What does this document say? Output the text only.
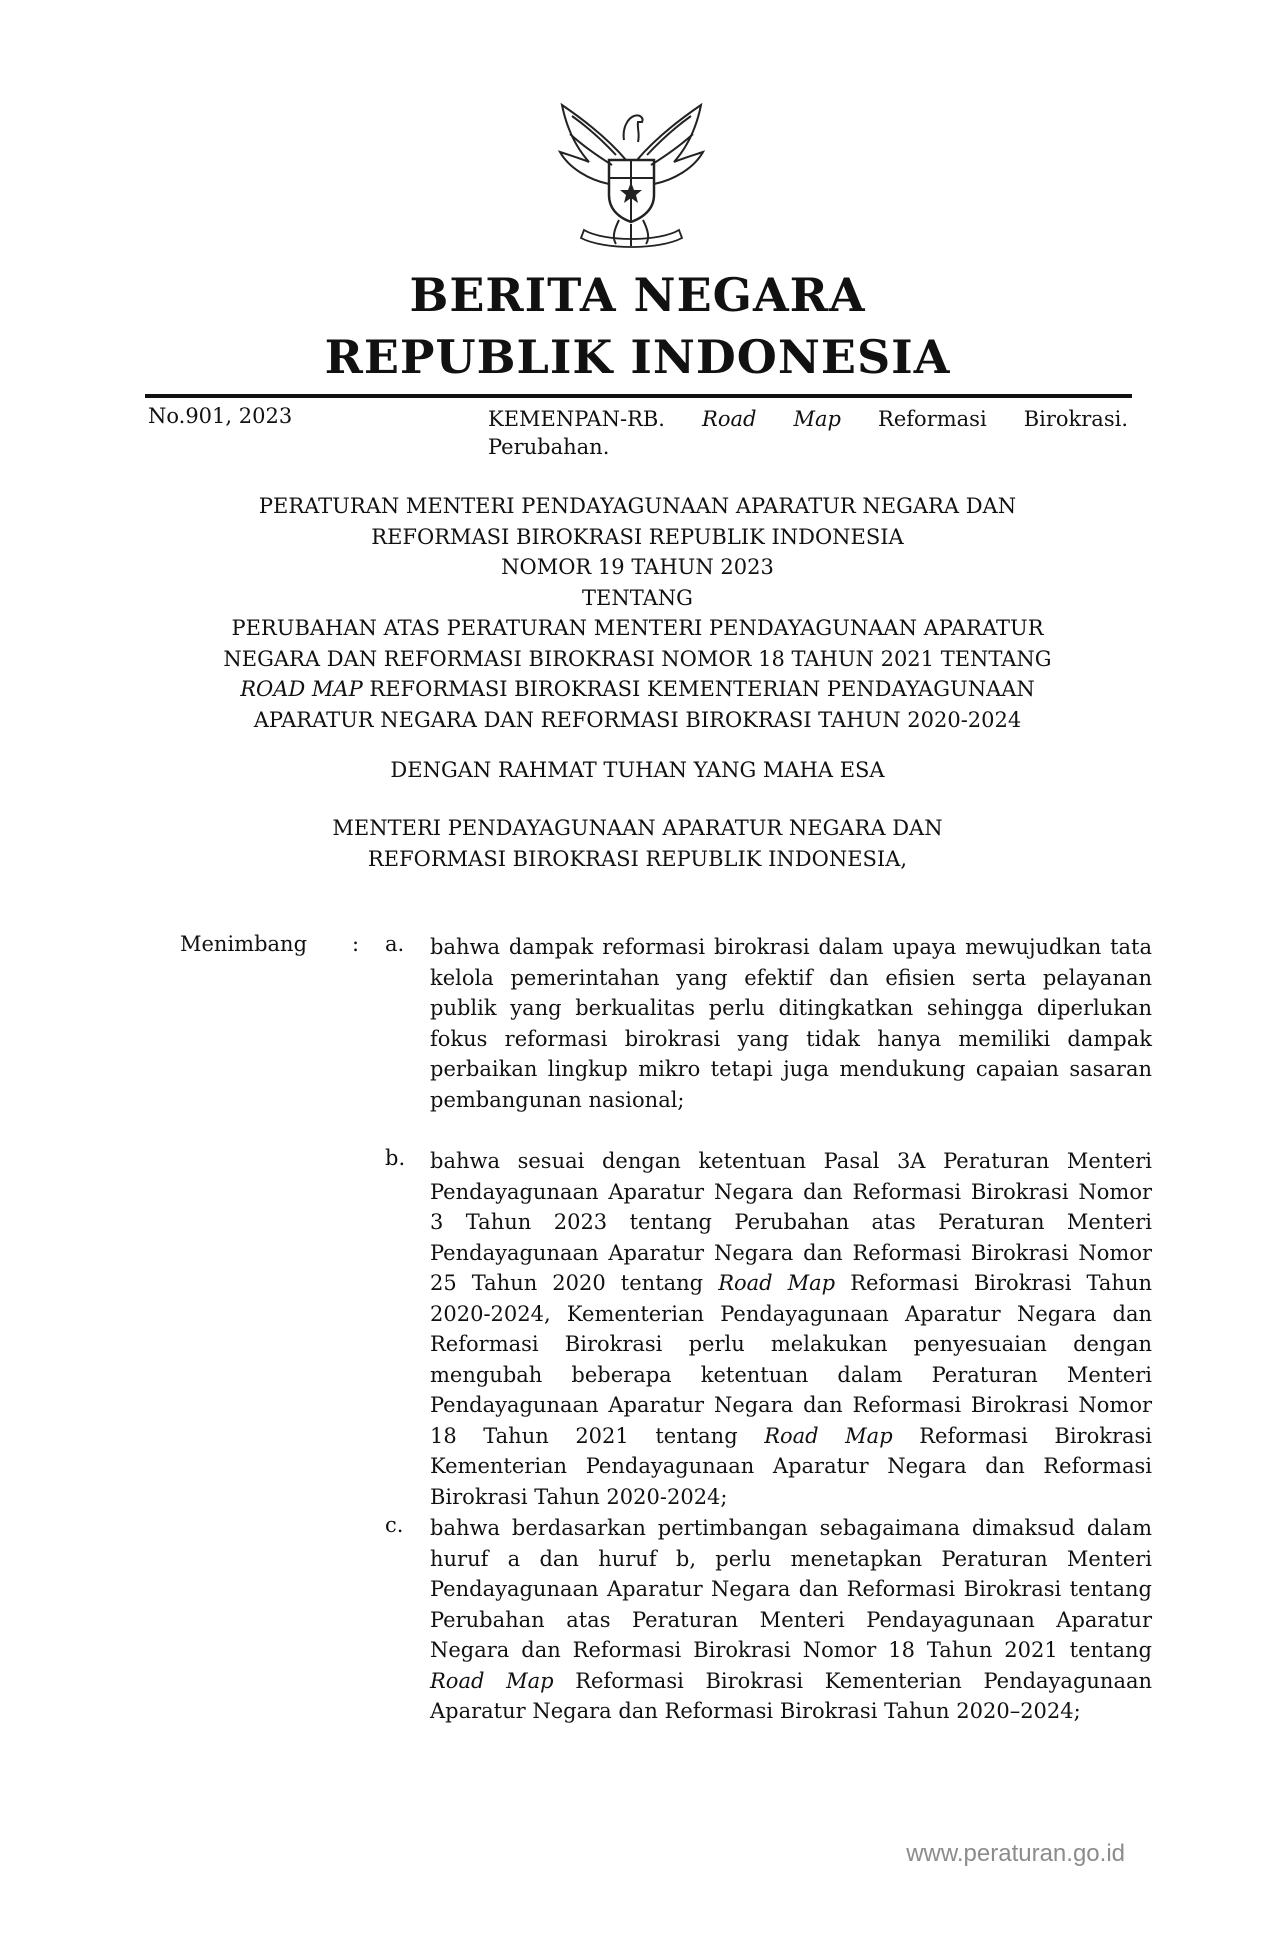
BERITA NEGARA
REPUBLIK INDONESIA
No.901, 2023	KEMENPAN-RB. Road Map Reformasi Birokrasi.
Perubahan.
PERATURAN MENTERI PENDAYAGUNAAN APARATUR NEGARA DAN
REFORMASI BIROKRASI REPUBLIK INDONESIA
NOMOR 19 TAHUN 2023
TENTANG
PERUBAHAN ATAS PERATURAN MENTERI PENDAYAGUNAAN APARATUR
NEGARA DAN REFORMASI BIROKRASI NOMOR 18 TAHUN 2021 TENTANG
ROAD MAP REFORMASI BIROKRASI KEMENTERIAN PENDAYAGUNAAN
APARATUR NEGARA DAN REFORMASI BIROKRASI TAHUN 2020-2024
DENGAN RAHMAT TUHAN YANG MAHA ESA
MENTERI PENDAYAGUNAAN APARATUR NEGARA DAN
REFORMASI BIROKRASI REPUBLIK INDONESIA,
Menimbang : a. bahwa dampak reformasi birokrasi dalam upaya mewujudkan tata kelola pemerintahan yang efektif dan efisien serta pelayanan publik yang berkualitas perlu ditingkatkan sehingga diperlukan fokus reformasi birokrasi yang tidak hanya memiliki dampak perbaikan lingkup mikro tetapi juga mendukung capaian sasaran pembangunan nasional;
b. bahwa sesuai dengan ketentuan Pasal 3A Peraturan Menteri Pendayagunaan Aparatur Negara dan Reformasi Birokrasi Nomor 3 Tahun 2023 tentang Perubahan atas Peraturan Menteri Pendayagunaan Aparatur Negara dan Reformasi Birokrasi Nomor 25 Tahun 2020 tentang Road Map Reformasi Birokrasi Tahun 2020-2024, Kementerian Pendayagunaan Aparatur Negara dan Reformasi Birokrasi perlu melakukan penyesuaian dengan mengubah beberapa ketentuan dalam Peraturan Menteri Pendayagunaan Aparatur Negara dan Reformasi Birokrasi Nomor 18 Tahun 2021 tentang Road Map Reformasi Birokrasi Kementerian Pendayagunaan Aparatur Negara dan Reformasi Birokrasi Tahun 2020-2024;
c. bahwa berdasarkan pertimbangan sebagaimana dimaksud dalam huruf a dan huruf b, perlu menetapkan Peraturan Menteri Pendayagunaan Aparatur Negara dan Reformasi Birokrasi tentang Perubahan atas Peraturan Menteri Pendayagunaan Aparatur Negara dan Reformasi Birokrasi Nomor 18 Tahun 2021 tentang Road Map Reformasi Birokrasi Kementerian Pendayagunaan Aparatur Negara dan Reformasi Birokrasi Tahun 2020–2024;
www.peraturan.go.id
